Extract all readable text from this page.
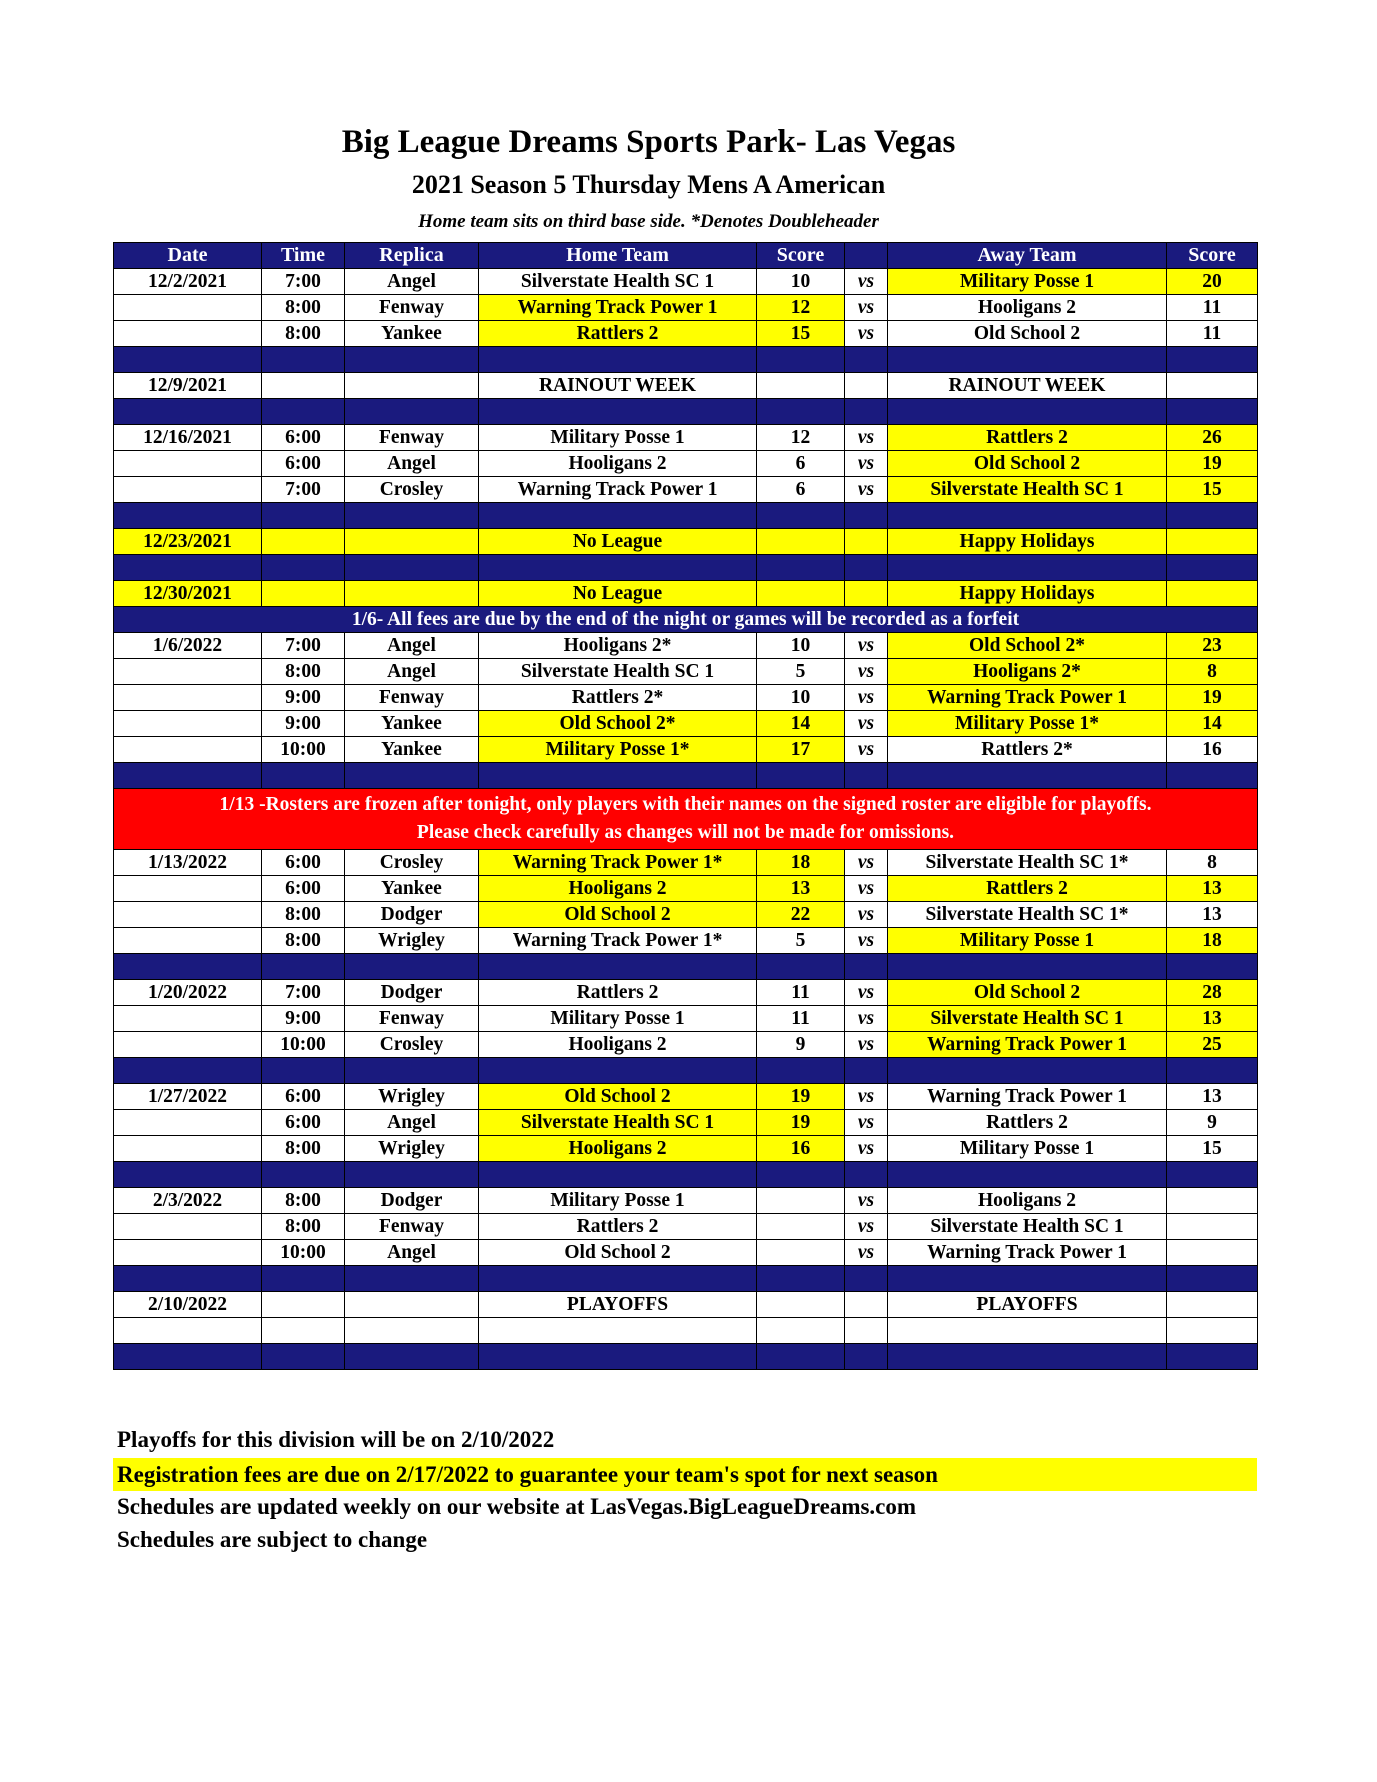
Big League Dreams Sports Park- Las Vegas
2021 Season 5 Thursday Mens A American
Home team sits on third base side. *Denotes Doubleheader
Date	Time	Replica	Home Team	Score		Away Team	Score
12/2/2021	7:00	Angel	Silverstate Health SC 1	10	vs	Military Posse 1	20
	8:00	Fenway	Warning Track Power 1	12	vs	Hooligans 2	11
	8:00	Yankee	Rattlers 2	15	vs	Old School 2	11

12/9/2021			RAINOUT WEEK			RAINOUT WEEK	

12/16/2021	6:00	Fenway	Military Posse 1	12	vs	Rattlers 2	26
	6:00	Angel	Hooligans 2	6	vs	Old School 2	19
	7:00	Crosley	Warning Track Power 1	6	vs	Silverstate Health SC 1	15

12/23/2021			No League			Happy Holidays	

12/30/2021			No League			Happy Holidays	
1/6- All fees are due by the end of the night or games will be recorded as a forfeit							
1/6/2022	7:00	Angel	Hooligans 2*	10	vs	Old School 2*	23
	8:00	Angel	Silverstate Health SC 1	5	vs	Hooligans 2*	8
	9:00	Fenway	Rattlers 2*	10	vs	Warning Track Power 1	19
	9:00	Yankee	Old School 2*	14	vs	Military Posse 1*	14
	10:00	Yankee	Military Posse 1*	17	vs	Rattlers 2*	16

1/13 -Rosters are frozen after tonight, only players with their names on the signed roster are eligible for playoffs.
Please check carefully as changes will not be made for omissions.							

1/13/2022	6:00	Crosley	Warning Track Power 1*	18	vs	Silverstate Health SC 1*	8
	6:00	Yankee	Hooligans 2	13	vs	Rattlers 2	13
	8:00	Dodger	Old School 2	22	vs	Silverstate Health SC 1*	13
	8:00	Wrigley	Warning Track Power 1*	5	vs	Military Posse 1	18

1/20/2022	7:00	Dodger	Rattlers 2	11	vs	Old School 2	28
	9:00	Fenway	Military Posse 1	11	vs	Silverstate Health SC 1	13
	10:00	Crosley	Hooligans 2	9	vs	Warning Track Power 1	25

1/27/2022	6:00	Wrigley	Old School 2	19	vs	Warning Track Power 1	13
	6:00	Angel	Silverstate Health SC 1	19	vs	Rattlers 2	9
	8:00	Wrigley	Hooligans 2	16	vs	Military Posse 1	15

2/3/2022	8:00	Dodger	Military Posse 1		vs	Hooligans 2	
	8:00	Fenway	Rattlers 2		vs	Silverstate Health SC 1	
	10:00	Angel	Old School 2		vs	Warning Track Power 1	

2/10/2022			PLAYOFFS			PLAYOFFS	

Playoffs for this division will be on 2/10/2022
Registration fees are due on 2/17/2022 to guarantee your team's spot for next season
Schedules are updated weekly on our website at LasVegas.BigLeagueDreams.com
Schedules are subject to change
